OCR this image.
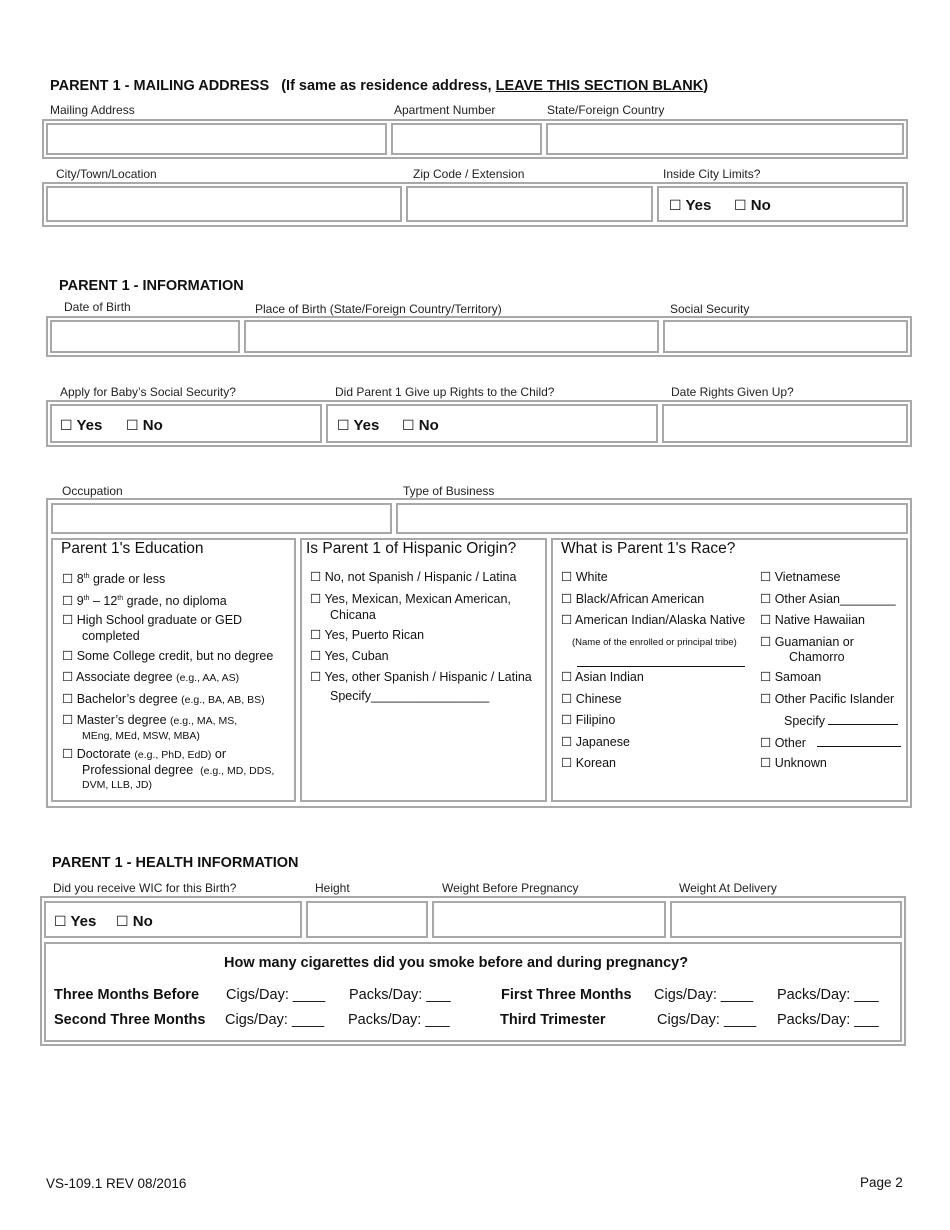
PARENT 1 - MAILING ADDRESS (If same as residence address, LEAVE THIS SECTION BLANK)
Mailing Address	Apartment Number	State/Foreign Country
City/Town/Location	Zip Code / Extension	Inside City Limits?
☐ Yes ☐ No
PARENT 1 - INFORMATION
Date of Birth	Place of Birth (State/Foreign Country/Territory)	Social Security
Apply for Baby’s Social Security?	Did Parent 1 Give up Rights to the Child?	Date Rights Given Up?
☐ Yes ☐ No	☐ Yes ☐ No
Occupation	Type of Business
Parent 1's Education
☐ 8th grade or less
☐ 9th – 12th grade, no diploma
☐ High School graduate or GED
completed
☐ Some College credit, but no degree
☐ Associate degree (e.g., AA, AS)
☐ Bachelor’s degree (e.g., BA, AB, BS)
☐ Master’s degree (e.g., MA, MS,
MEng, MEd, MSW, MBA)
☐ Doctorate (e.g., PhD, EdD) or
Professional degree (e.g., MD, DDS,
DVM, LLB, JD)
Is Parent 1 of Hispanic Origin?
☐ No, not Spanish / Hispanic / Latina
☐ Yes, Mexican, Mexican American,
Chicana
☐ Yes, Puerto Rican
☐ Yes, Cuban
☐ Yes, other Spanish / Hispanic / Latina
Specify_________________
What is Parent 1's Race?
☐ White
☐ Black/African American
☐ American Indian/Alaska Native
(Name of the enrolled or principal tribe)
☐ Asian Indian
☐ Chinese
☐ Filipino
☐ Japanese
☐ Korean
☐ Vietnamese
☐ Other Asian________
☐ Native Hawaiian
☐ Guamanian or
Chamorro
☐ Samoan
☐ Other Pacific Islander
Specify
☐ Other
☐ Unknown
PARENT 1 - HEALTH INFORMATION
Did you receive WIC for this Birth?	Height	Weight Before Pregnancy	Weight At Delivery
☐ Yes ☐ No
How many cigarettes did you smoke before and during pregnancy?
Three Months Before Cigs/Day: ____ Packs/Day: ___	First Three Months Cigs/Day: ____ Packs/Day: ___
Second Three Months Cigs/Day: ____ Packs/Day: ___	Third Trimester	Cigs/Day: ____ Packs/Day: ___
VS-109.1 REV 08/2016	Page 2
